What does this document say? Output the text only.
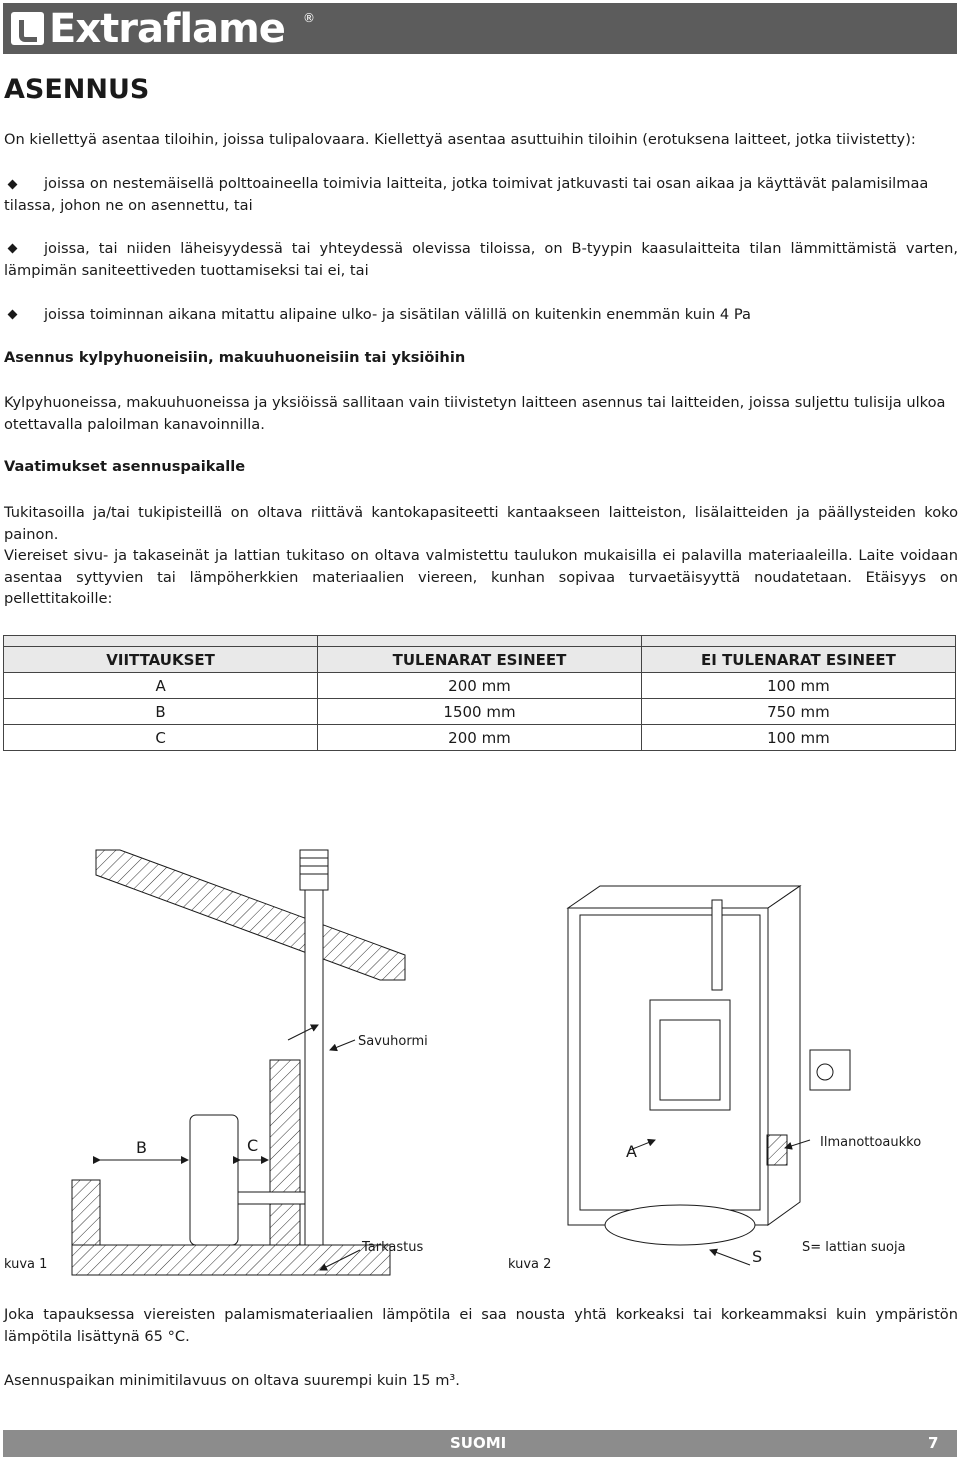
Extraflame ®
ASENNUS

On kiellettyä asentaa tiloihin, joissa tulipalovaara. Kiellettyä asentaa asuttuihin tiloihin (erotuksena laitteet, jotka tiivistetty):

joissa on nestemäisellä polttoaineella toimivia laitteita, jotka toimivat jatkuvasti tai osan aikaa ja käyttävät palamisilmaa tilassa, johon ne on asennettu, tai

joissa, tai niiden läheisyydessä tai yhteydessä olevissa tiloissa, on B-tyypin kaasulaitteita tilan lämmittämistä varten, lämpimän saniteettiveden tuottamiseksi tai ei, tai

joissa toiminnan aikana mitattu alipaine ulko- ja sisätilan välillä on kuitenkin enemmän kuin 4 Pa

Asennus kylpyhuoneisiin, makuuhuoneisiin tai yksiöihin

Kylpyhuoneissa, makuuhuoneissa ja yksiöissä sallitaan vain tiivistetyn laitteen asennus tai laitteiden, joissa suljettu tulisija ulkoa otettavalla paloilman kanavoinnilla.

Vaatimukset asennuspaikalle

Tukitasoilla ja/tai tukipisteillä on oltava riittävä kantokapasiteetti kantaakseen laitteiston, lisälaitteiden ja päällysteiden koko painon.

Viereiset sivu- ja takaseinät ja lattian tukitaso on oltava valmistettu taulukon mukaisilla ei palavilla materiaaleilla. Laite voidaan asentaa syttyvien tai lämpöherkkien materiaalien viereen, kunhan sopivaa turvaetäisyyttä noudatetaan. Etäisyys on pellettitakoille:

VIITTAUKSET	TULENARAT ESINEET	EI TULENARAT ESINEET
A	200 mm	100 mm
B	1500 mm	750 mm
C	200 mm	100 mm
Savuhormi
B	C
Tarkastus
kuva 1
A	Ilmanottoaukko
S	S= lattian suoja
kuva 2

Joka tapauksessa viereisten palamismateriaalien lämpötila ei saa nousta yhtä korkeaksi tai korkeammaksi kuin ympäristön lämpötila lisättynä 65 °C.

Asennuspaikan minimitilavuus on oltava suurempi kuin 15 m³.

SUOMI	7
